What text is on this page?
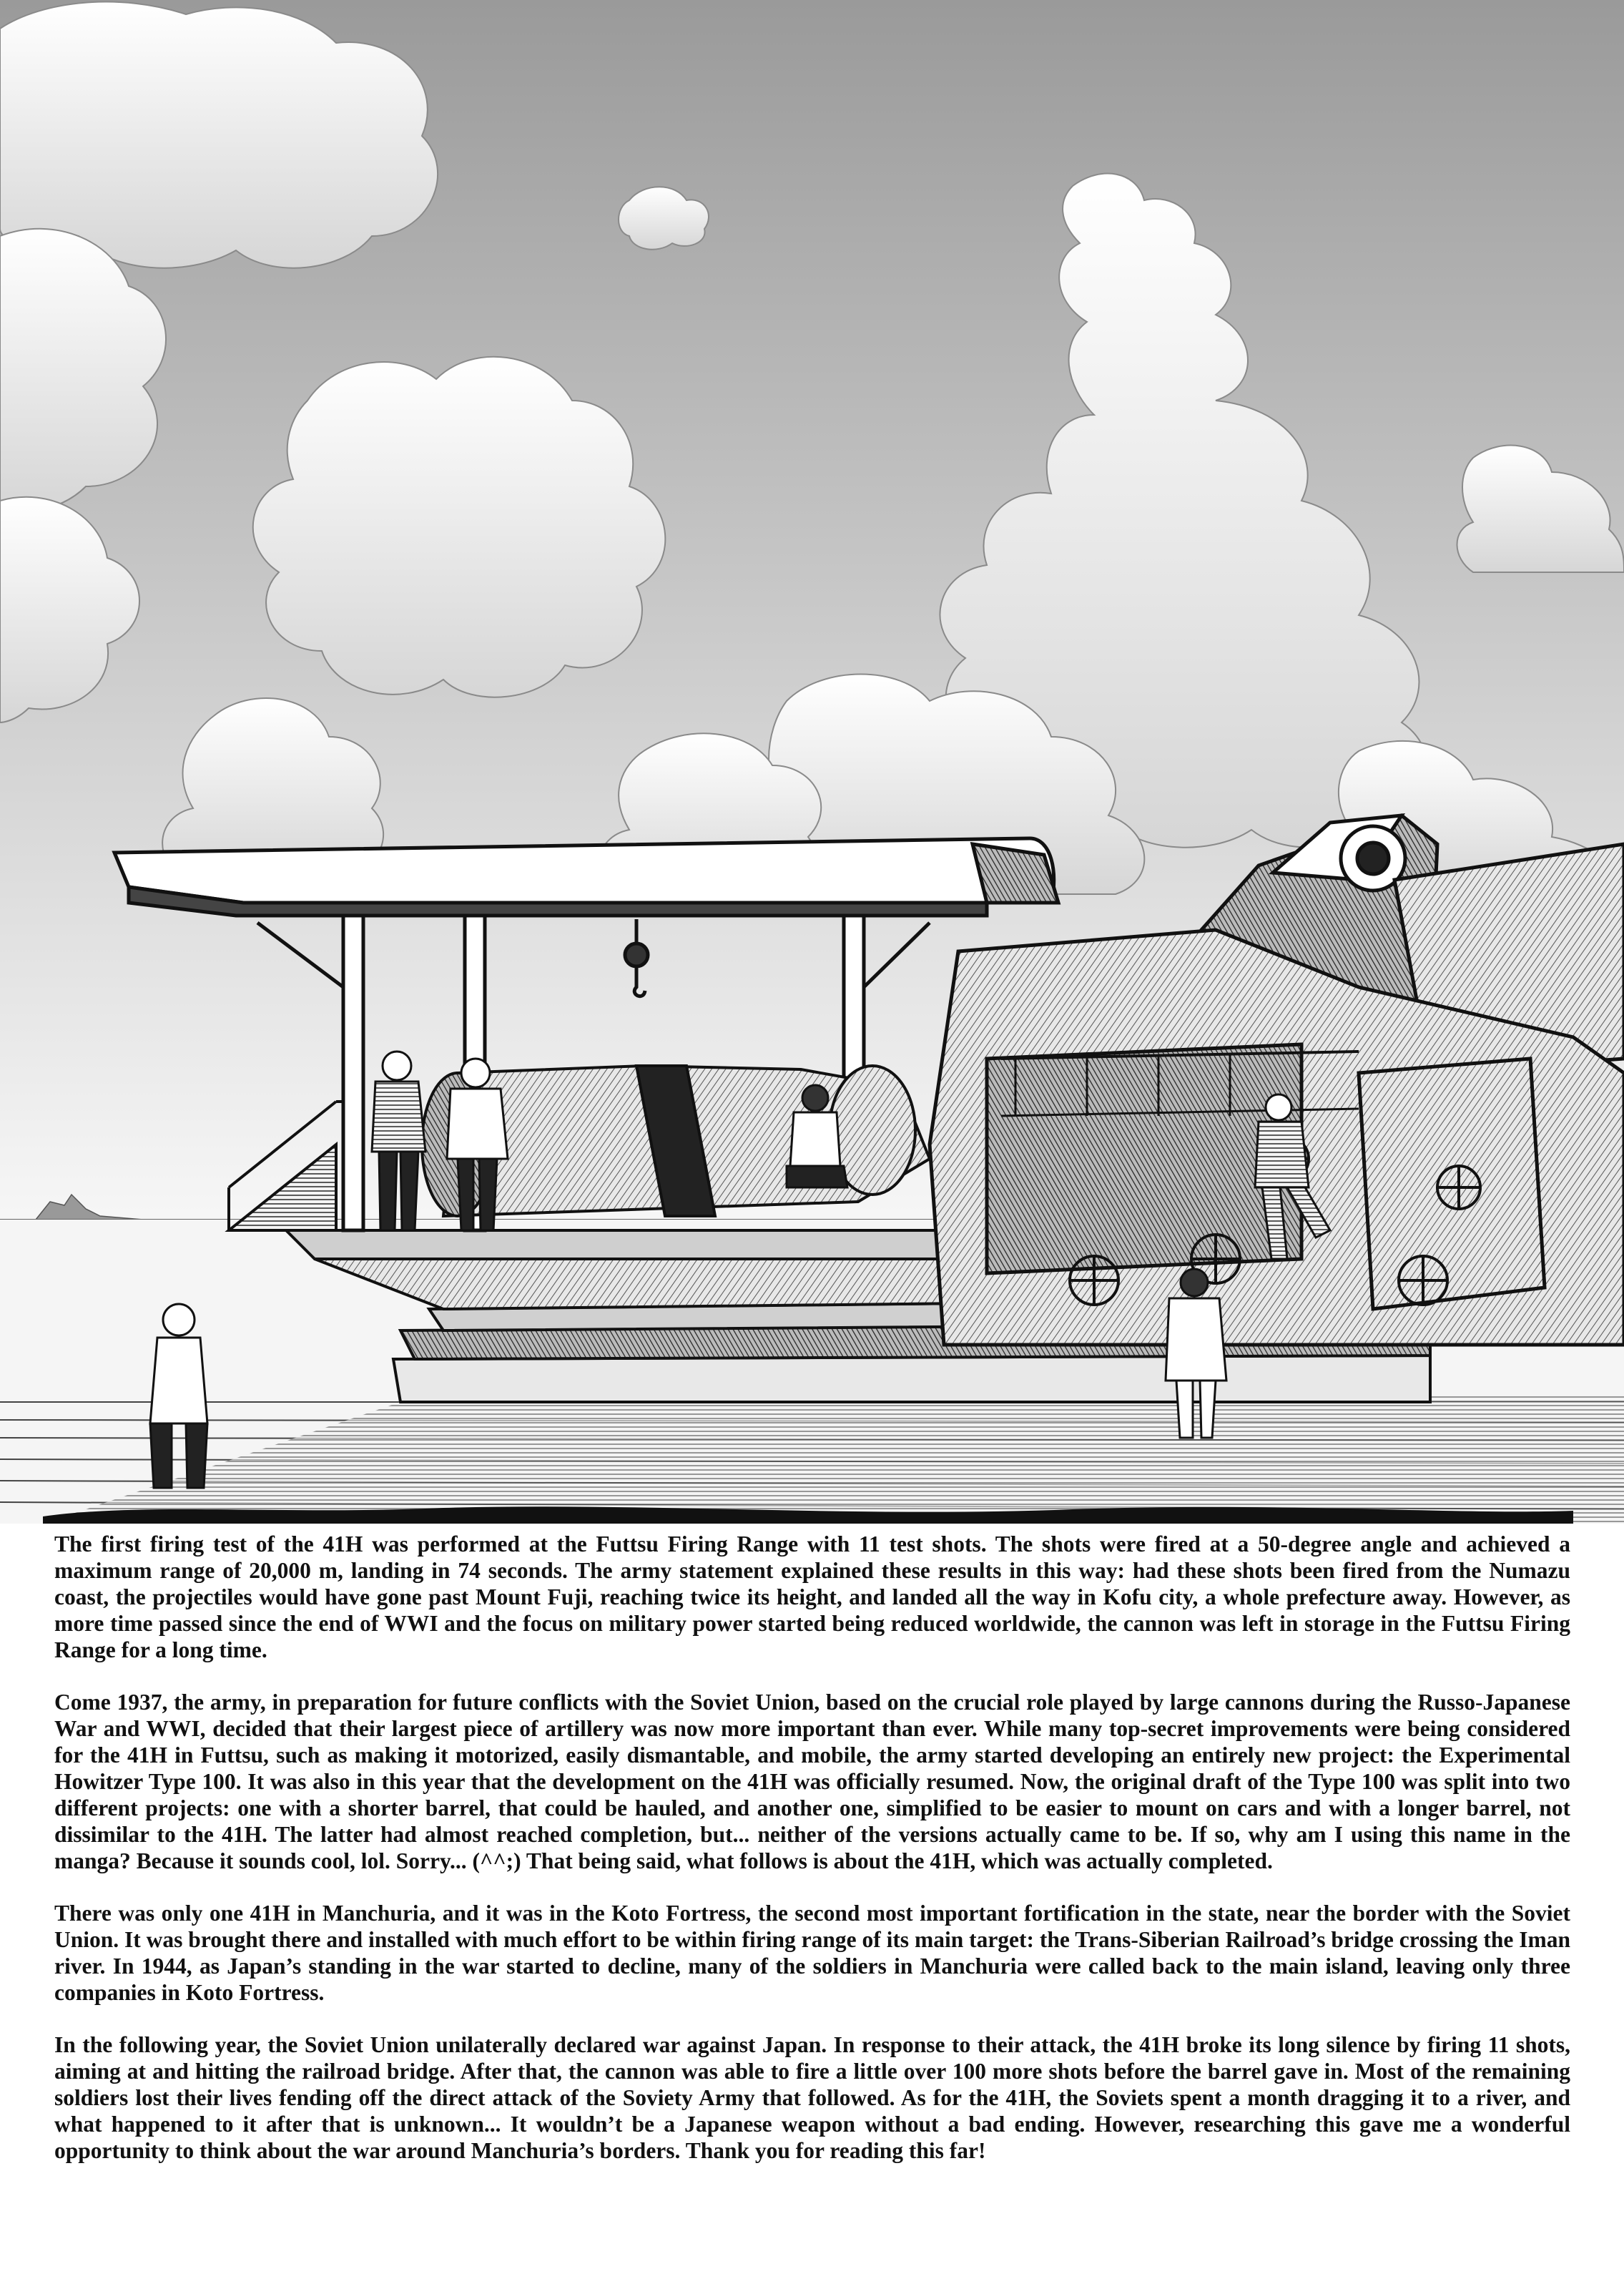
The first firing test of the 41H was performed at the Futtsu Firing Range with 11 test shots. The shots were fired at a 50-degree angle and achieved a maximum range of 20,000 m, landing in 74 seconds. The army statement explained these results in this way: had these shots been fired from the Numazu coast, the projectiles would have gone past Mount Fuji, reaching twice its height, and landed all the way in Kofu city, a whole prefecture away. However, as more time passed since the end of WWI and the focus on military power started being reduced worldwide, the cannon was left in storage in the Futtsu Firing Range for a long time.

Come 1937, the army, in preparation for future conflicts with the Soviet Union, based on the crucial role played by large cannons during the Russo-Japanese War and WWI, decided that their largest piece of artillery was now more important than ever. While many top-secret improvements were being considered for the 41H in Futtsu, such as making it motorized, easily dismantable, and mobile, the army started developing an entirely new project: the Experimental Howitzer Type 100. It was also in this year that the development on the 41H was officially resumed. Now, the original draft of the Type 100 was split into two different projects: one with a shorter barrel, that could be hauled, and another one, simplified to be easier to mount on cars and with a longer barrel, not dissimilar to the 41H. The latter had almost reached completion, but... neither of the versions actually came to be. If so, why am I using this name in the manga? Because it sounds cool, lol. Sorry... (^^;) That being said, what follows is about the 41H, which was actually completed.

There was only one 41H in Manchuria, and it was in the Koto Fortress, the second most important fortification in the state, near the border with the Soviet Union. It was brought there and installed with much effort to be within firing range of its main target: the Trans-Siberian Railroad’s bridge crossing the Iman river. In 1944, as Japan’s standing in the war started to decline, many of the soldiers in Manchuria were called back to the main island, leaving only three companies in Koto Fortress.

In the following year, the Soviet Union unilaterally declared war against Japan. In response to their attack, the 41H broke its long silence by firing 11 shots, aiming at and hitting the railroad bridge. After that, the cannon was able to fire a little over 100 more shots before the barrel gave in. Most of the remaining soldiers lost their lives fending off the direct attack of the Soviety Army that followed. As for the 41H, the Soviets spent a month dragging it to a river, and what happened to it after that is unknown... It wouldn’t be a Japanese weapon without a bad ending. However, researching this gave me a wonderful opportunity to think about the war around Manchuria’s borders. Thank you for reading this far!
